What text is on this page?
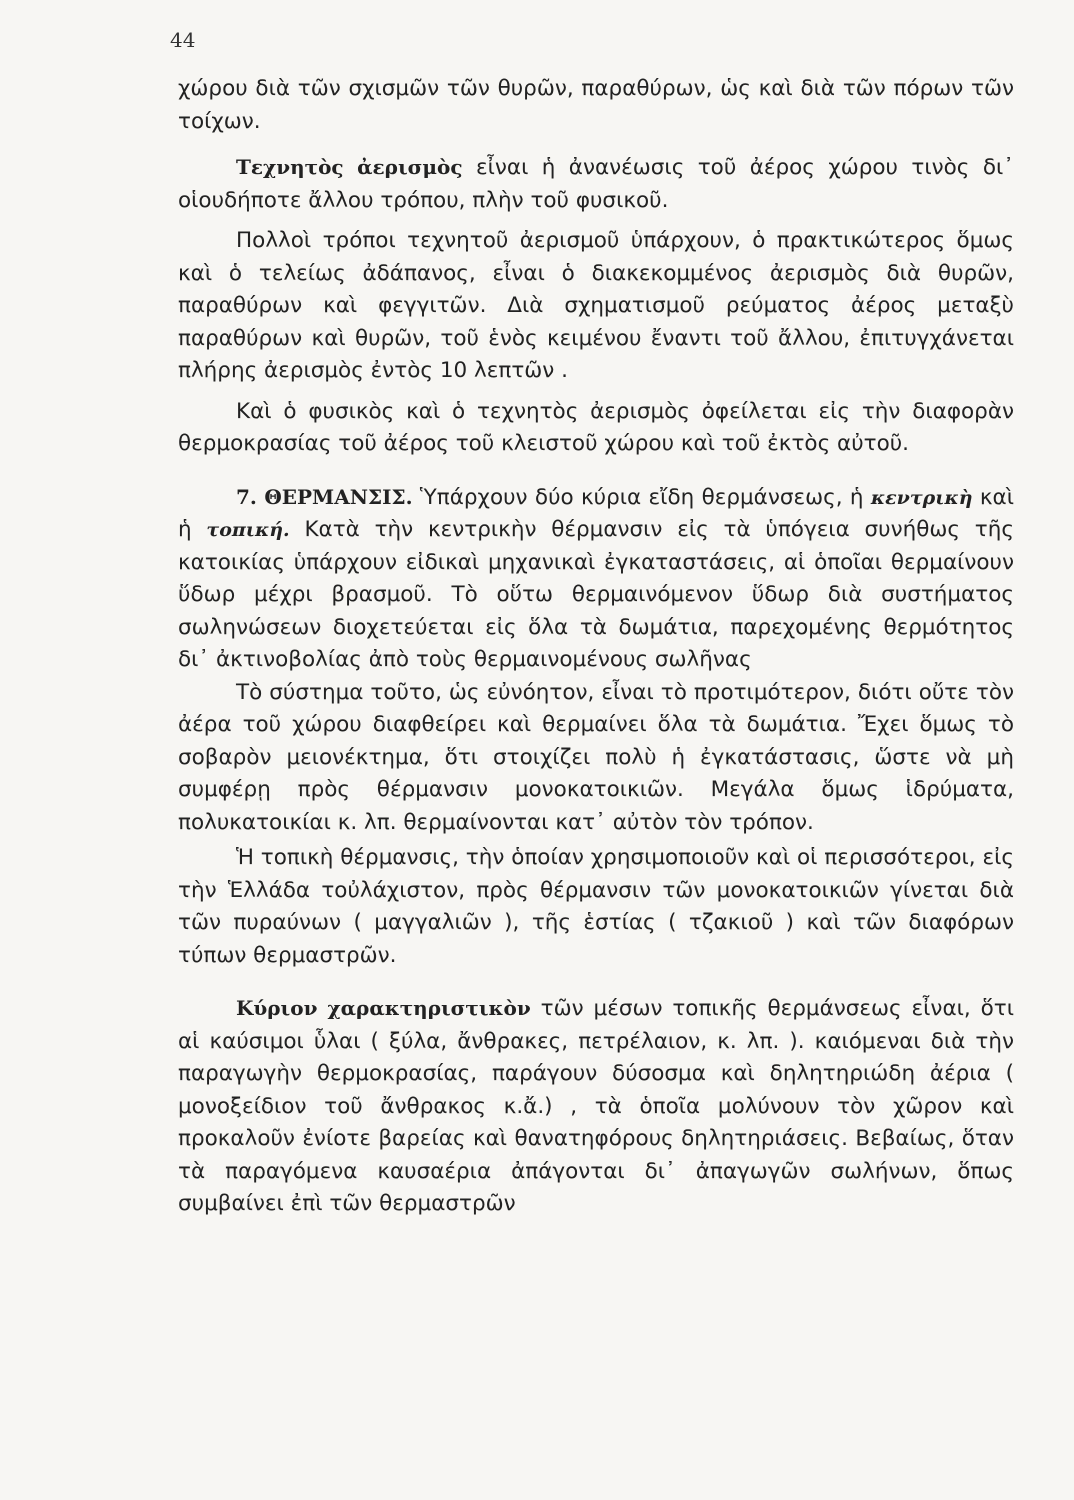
44

χώρου διὰ τῶν σχισμῶν τῶν θυρῶν, παραθύρων, ὡς καὶ διὰ τῶν πόρων τῶν τοίχων.

Τεχνητὸς ἀερισμὸς εἶναι ἡ ἀνανέωσις τοῦ ἀέρος χώρου τινὸς δι᾽ οἱουδήποτε ἄλλου τρόπου, πλὴν τοῦ φυσικοῦ.

Πολλοὶ τρόποι τεχνητοῦ ἀερισμοῦ ὑπάρχουν, ὁ πρακτικώτερος ὅμως καὶ ὁ τελείως ἀδάπανος, εἶναι ὁ διακεκομμένος ἀερισμὸς διὰ θυρῶν, παραθύρων καὶ φεγγιτῶν. Διὰ σχηματισμοῦ ρεύματος ἀέρος μεταξὺ παραθύρων καὶ θυρῶν, τοῦ ἑνὸς κειμένου ἔναντι τοῦ ἄλλου, ἐπιτυγχάνεται πλήρης ἀερισμὸς ἐντὸς 10 λεπτῶν .

Καὶ ὁ φυσικὸς καὶ ὁ τεχνητὸς ἀερισμὸς ὀφείλεται εἰς τὴν διαφορὰν θερμοκρασίας τοῦ ἀέρος τοῦ κλειστοῦ χώρου καὶ τοῦ ἐκτὸς αὐτοῦ.

7. ΘΕΡΜΑΝΣΙΣ. Ὑπάρχουν δύο κύρια εἴδη θερμάνσεως, ἡ κεντρικὴ καὶ ἡ τοπική. Κατὰ τὴν κεντρικὴν θέρμανσιν εἰς τὰ ὑπόγεια συνήθως τῆς κατοικίας ὑπάρχουν εἰδικαὶ μηχανικαὶ ἐγκαταστάσεις, αἱ ὁποῖαι θερμαίνουν ὕδωρ μέχρι βρασμοῦ. Τὸ οὕτω θερμαινόμενον ὕδωρ διὰ συστήματος σωληνώσεων διοχετεύεται εἰς ὅλα τὰ δωμάτια, παρεχομένης θερμότητος δι᾽ ἀκτινοβολίας ἀπὸ τοὺς θερμαινομένους σωλῆνας

Τὸ σύστημα τοῦτο, ὡς εὐνόητον, εἶναι τὸ προτιμότερον, διότι οὔτε τὸν ἀέρα τοῦ χώρου διαφθείρει καὶ θερμαίνει ὅλα τὰ δωμάτια. Ἔχει ὅμως τὸ σοβαρὸν μειονέκτημα, ὅτι στοιχίζει πολὺ ἡ ἐγκατάστασις, ὥστε νὰ μὴ συμφέρῃ πρὸς θέρμανσιν μονοκατοικιῶν. Μεγάλα ὅμως ἱδρύματα, πολυκατοικίαι κ. λπ. θερμαίνονται κατ᾽ αὐτὸν τὸν τρόπον.

Ἡ τοπικὴ θέρμανσις, τὴν ὁποίαν χρησιμοποιοῦν καὶ οἱ περισσότεροι, εἰς τὴν Ἑλλάδα τοὐλάχιστον, πρὸς θέρμανσιν τῶν μονοκατοικιῶν γίνεται διὰ τῶν πυραύνων ( μαγγαλιῶν ), τῆς ἑστίας ( τζακιοῦ ) καὶ τῶν διαφόρων τύπων θερμαστρῶν.

Κύριον χαρακτηριστικὸν τῶν μέσων τοπικῆς θερμάνσεως εἶναι, ὅτι αἱ καύσιμοι ὗλαι ( ξύλα, ἄνθρακες, πετρέλαιον, κ. λπ. ). καιόμεναι διὰ τὴν παραγωγὴν θερμοκρασίας, παράγουν δύσοσμα καὶ δηλητηριώδη ἀέρια ( μονοξείδιον τοῦ ἄνθρακος κ.ἄ.) , τὰ ὁποῖα μολύνουν τὸν χῶρον καὶ προκαλοῦν ἐνίοτε βαρείας καὶ θανατηφόρους δηλητηριάσεις. Βεβαίως, ὅταν τὰ παραγόμενα καυσαέρια ἀπάγονται δι᾽ ἀπαγωγῶν σωλήνων, ὅπως συμβαίνει ἐπὶ τῶν θερμαστρῶν
